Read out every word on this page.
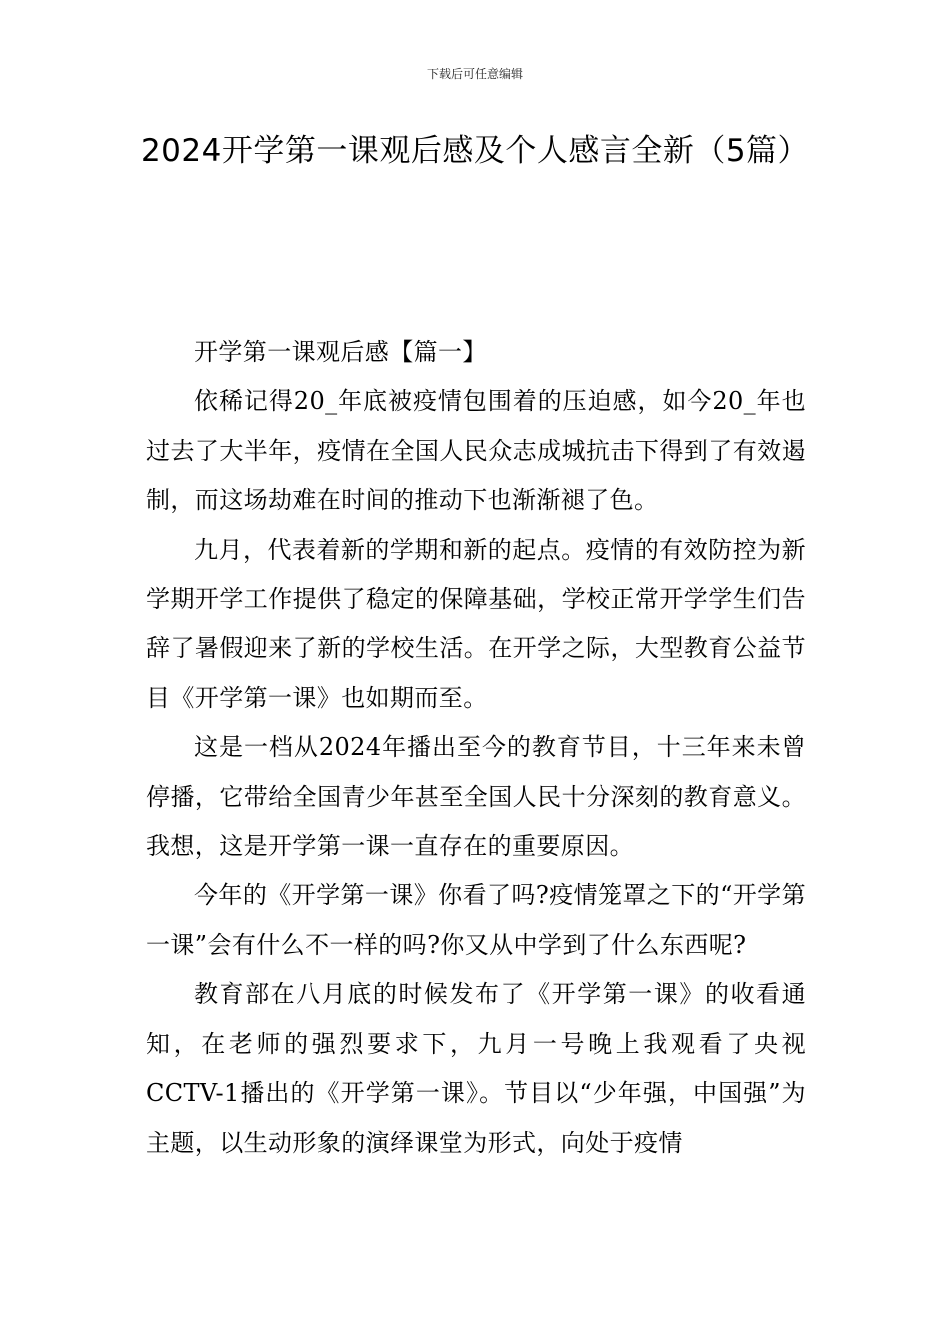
下载后可任意编辑
2024开学第一课观后感及个人感言全新（5篇）

开学第一课观后感【篇一】

依稀记得20_年底被疫情包围着的压迫感，如今20_年也过去了大半年，疫情在全国人民众志成城抗击下得到了有效遏制，而这场劫难在时间的推动下也渐渐褪了色。

九月，代表着新的学期和新的起点。疫情的有效防控为新学期开学工作提供了稳定的保障基础，学校正常开学学生们告辞了暑假迎来了新的学校生活。在开学之际，大型教育公益节目《开学第一课》也如期而至。

这是一档从2024年播出至今的教育节目，十三年来未曾停播，它带给全国青少年甚至全国人民十分深刻的教育意义。我想，这是开学第一课一直存在的重要原因。

今年的《开学第一课》你看了吗?疫情笼罩之下的“开学第一课”会有什么不一样的吗?你又从中学到了什么东西呢?

教育部在八月底的时候发布了《开学第一课》的收看通知，在老师的强烈要求下，九月一号晚上我观看了央视CCTV-1播出的《开学第一课》。节目以“少年强，中国强”为主题，以生动形象的演绎课堂为形式，向处于疫情
